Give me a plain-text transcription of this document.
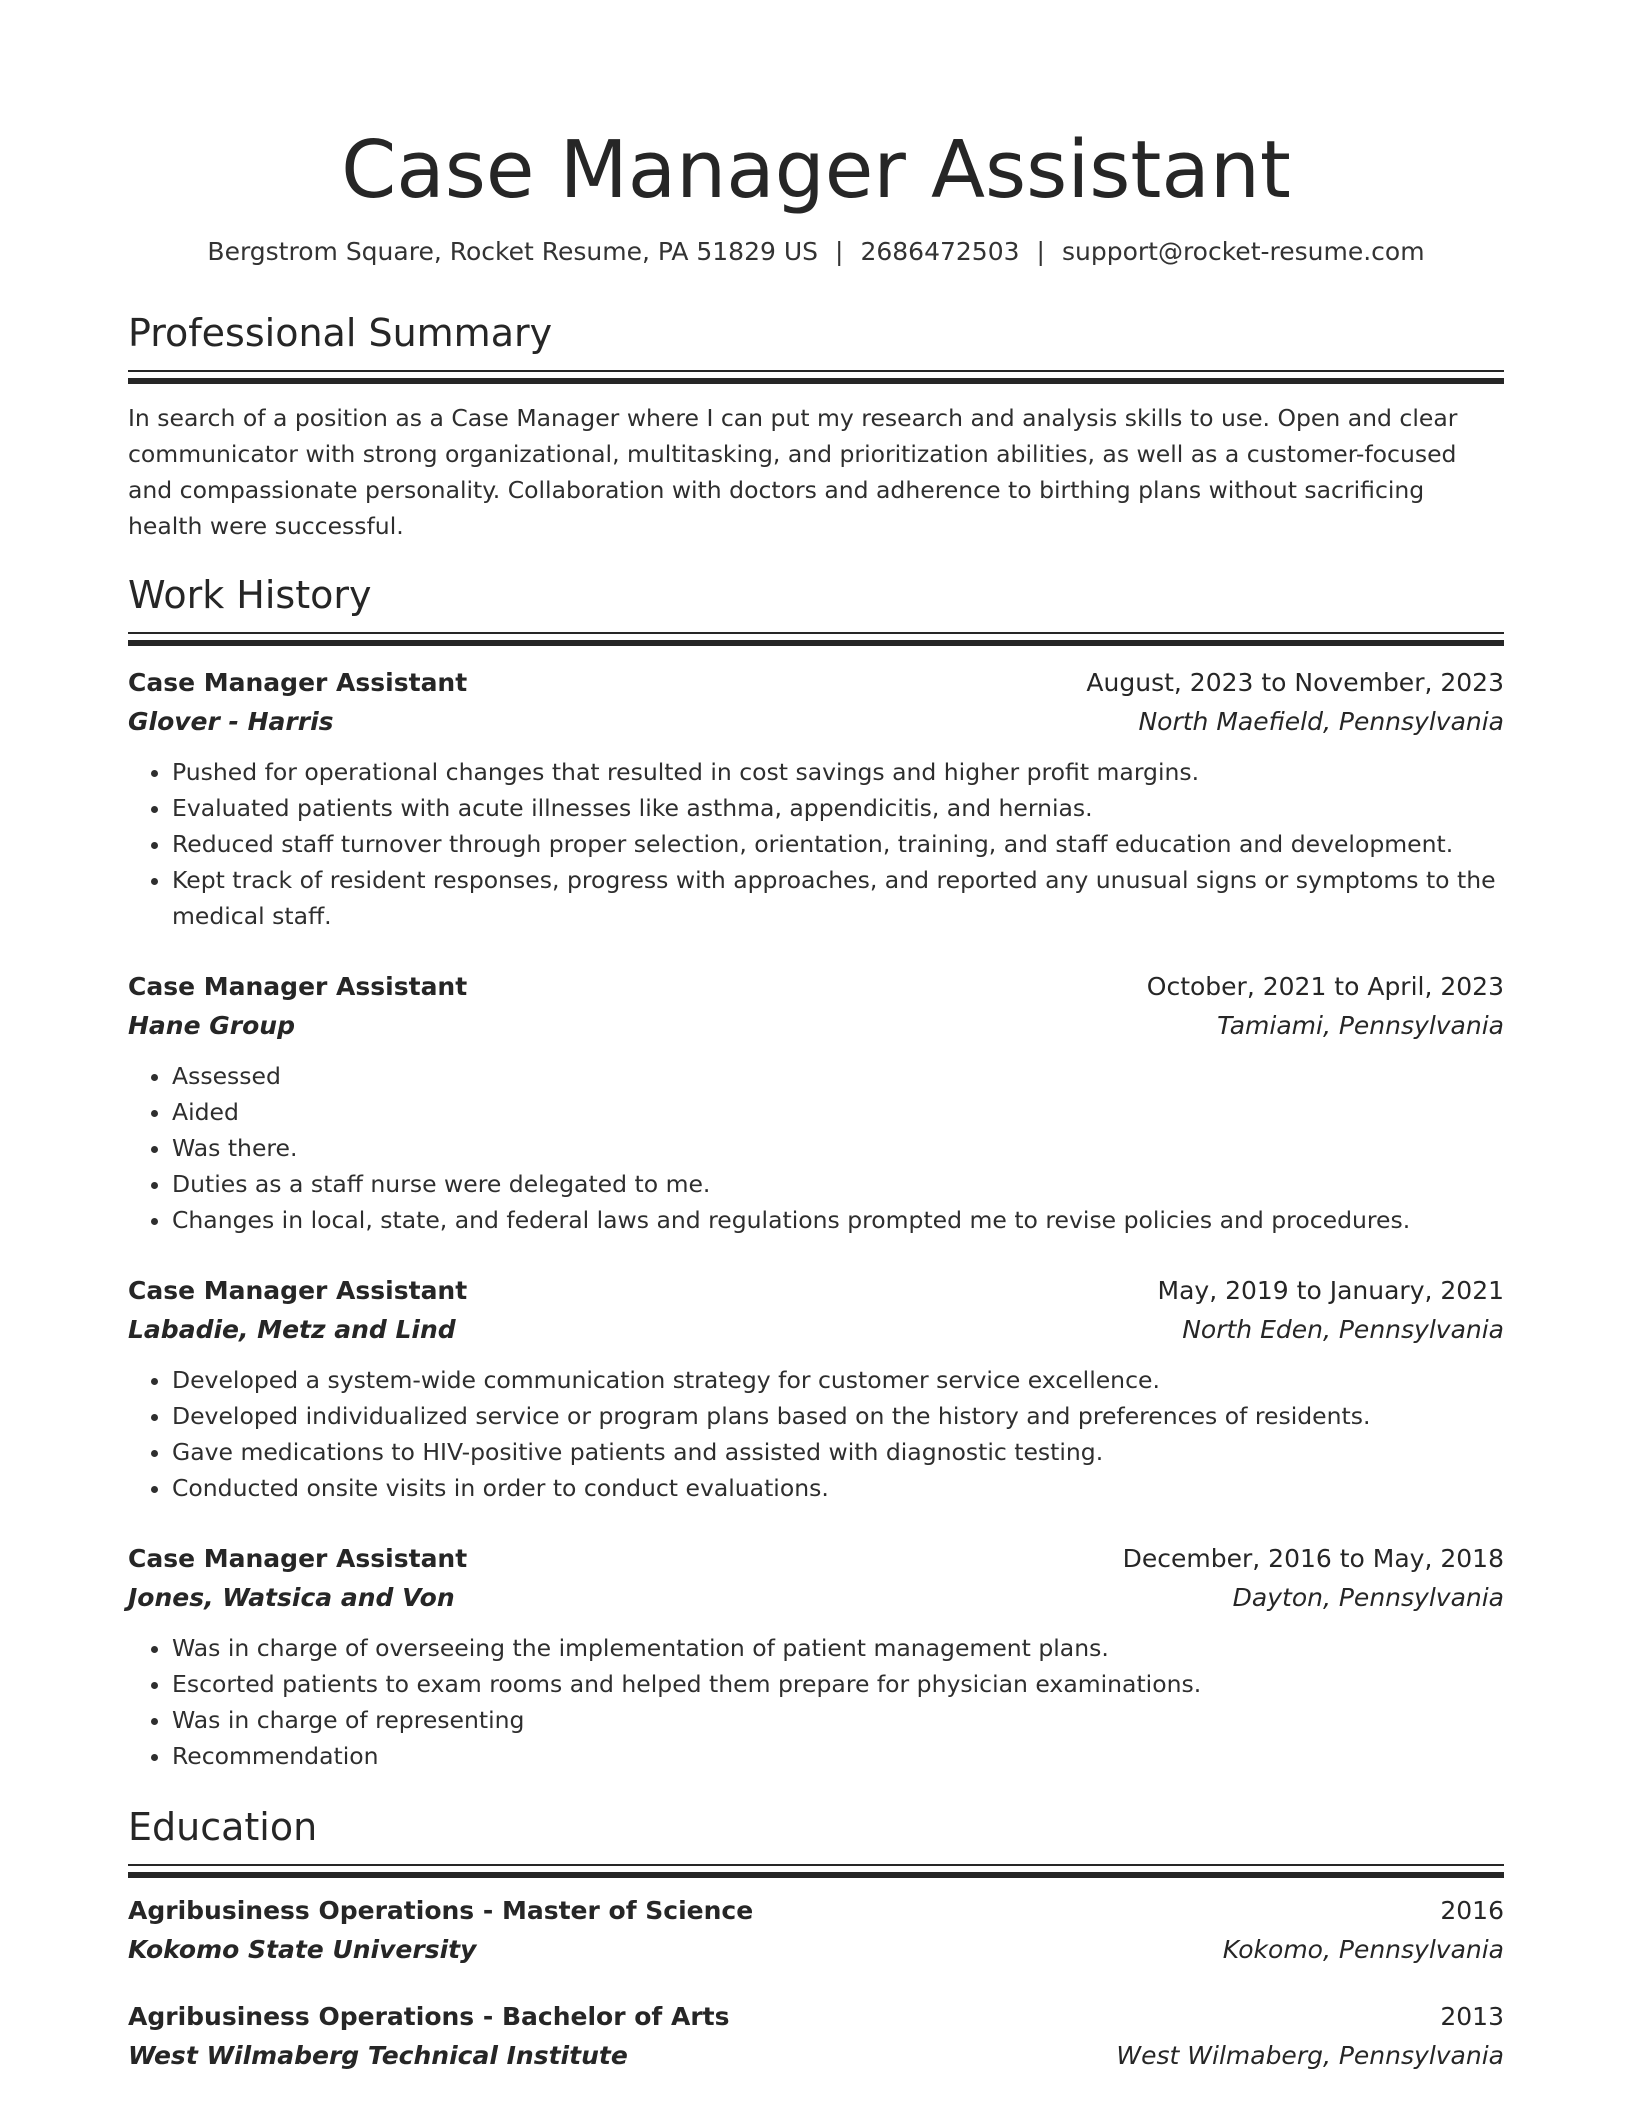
Case Manager Assistant
Bergstrom Square, Rocket Resume, PA 51829 US | 2686472503 | support@rocket-resume.com
Professional Summary
In search of a position as a Case Manager where I can put my research and analysis skills to use. Open and clear communicator with strong organizational, multitasking, and prioritization abilities, as well as a customer-focused and compassionate personality. Collaboration with doctors and adherence to birthing plans without sacrificing health were successful.
Work History
Case Manager Assistant	August, 2023 to November, 2023
Glover - Harris	North Maefield, Pennsylvania
• Pushed for operational changes that resulted in cost savings and higher profit margins.
• Evaluated patients with acute illnesses like asthma, appendicitis, and hernias.
• Reduced staff turnover through proper selection, orientation, training, and staff education and development.
• Kept track of resident responses, progress with approaches, and reported any unusual signs or symptoms to the medical staff.
Case Manager Assistant	October, 2021 to April, 2023
Hane Group	Tamiami, Pennsylvania
• Assessed
• Aided
• Was there.
• Duties as a staff nurse were delegated to me.
• Changes in local, state, and federal laws and regulations prompted me to revise policies and procedures.
Case Manager Assistant	May, 2019 to January, 2021
Labadie, Metz and Lind	North Eden, Pennsylvania
• Developed a system-wide communication strategy for customer service excellence.
• Developed individualized service or program plans based on the history and preferences of residents.
• Gave medications to HIV-positive patients and assisted with diagnostic testing.
• Conducted onsite visits in order to conduct evaluations.
Case Manager Assistant	December, 2016 to May, 2018
Jones, Watsica and Von	Dayton, Pennsylvania
• Was in charge of overseeing the implementation of patient management plans.
• Escorted patients to exam rooms and helped them prepare for physician examinations.
• Was in charge of representing
• Recommendation
Education
Agribusiness Operations - Master of Science	2016
Kokomo State University	Kokomo, Pennsylvania
Agribusiness Operations - Bachelor of Arts	2013
West Wilmaberg Technical Institute	West Wilmaberg, Pennsylvania
